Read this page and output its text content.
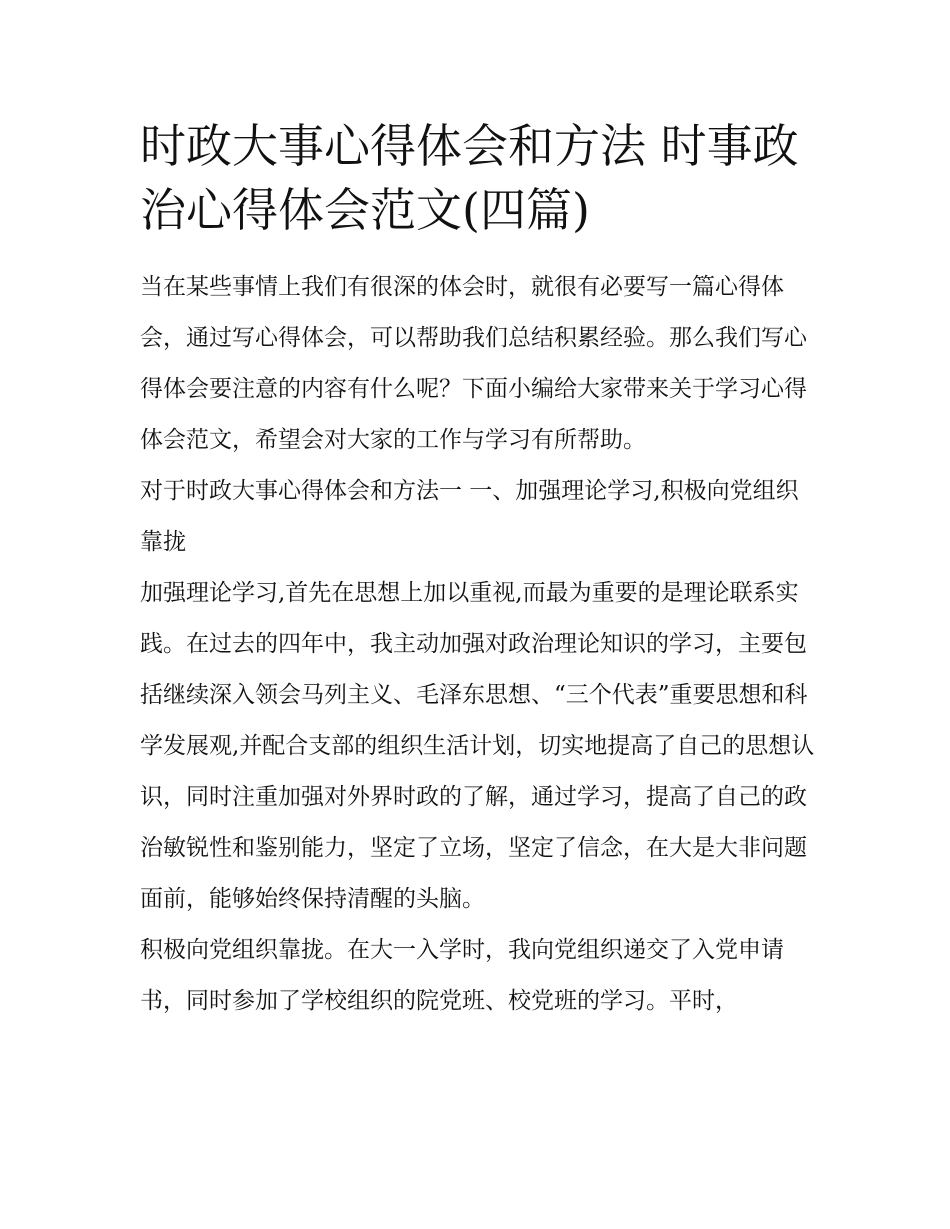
时政大事心得体会和方法 时事政治心得体会范文(四篇)

当在某些事情上我们有很深的体会时，就很有必要写一篇心得体会，通过写心得体会，可以帮助我们总结积累经验。那么我们写心得体会要注意的内容有什么呢？下面小编给大家带来关于学习心得体会范文，希望会对大家的工作与学习有所帮助。

对于时政大事心得体会和方法一 一、加强理论学习,积极向党组织靠拢

加强理论学习,首先在思想上加以重视,而最为重要的是理论联系实践。在过去的四年中，我主动加强对政治理论知识的学习，主要包括继续深入领会马列主义、毛泽东思想、“三个代表”重要思想和科学发展观,并配合支部的组织生活计划，切实地提高了自己的思想认识，同时注重加强对外界时政的了解，通过学习，提高了自己的政治敏锐性和鉴别能力，坚定了立场，坚定了信念，在大是大非问题面前，能够始终保持清醒的头脑。

积极向党组织靠拢。在大一入学时，我向党组织递交了入党申请书，同时参加了学校组织的院党班、校党班的学习。平时，
